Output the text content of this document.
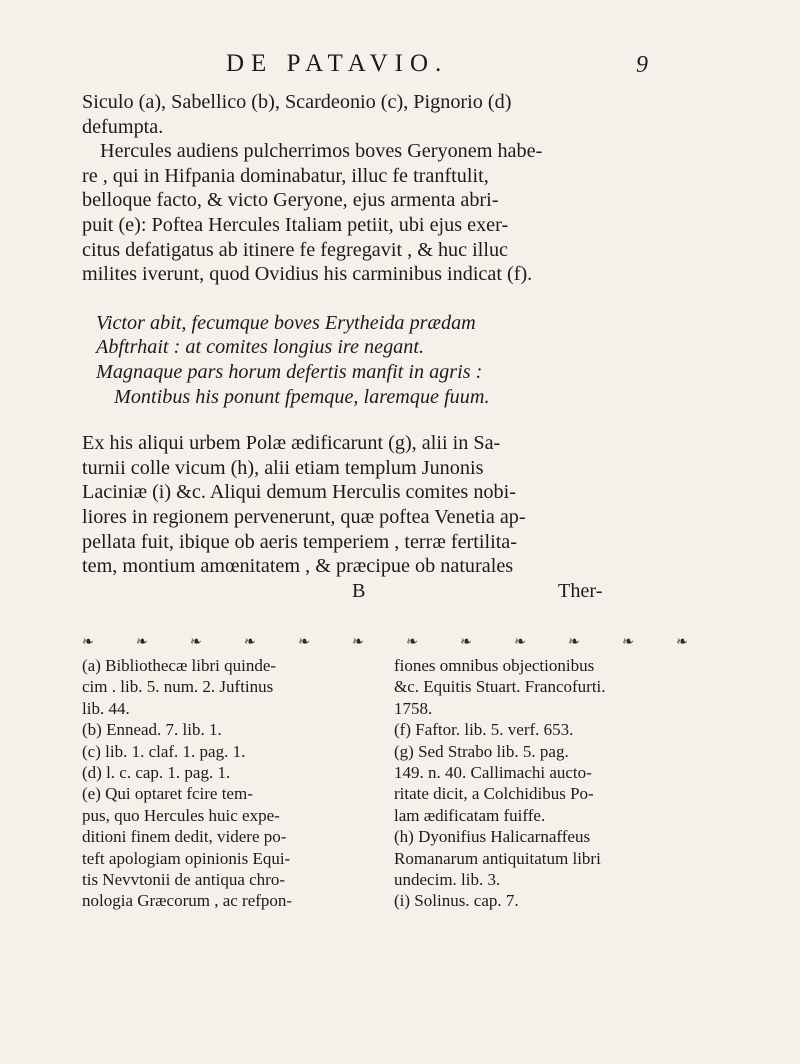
DE PATAVIO.	9
Siculo (a), Sabellico (b), Scardeonio (c), Pignorio (d)
defumpta.
Hercules audiens pulcherrimos boves Geryonem habe-
re , qui in Hifpania dominabatur, illuc fe tranftulit,
belloque facto, & victo Geryone, ejus armenta abri-
puit (e): Poftea Hercules Italiam petiit, ubi ejus exer-
citus defatigatus ab itinere fe fegregavit , & huc illuc
milites iverunt, quod Ovidius his carminibus indicat (f).
Victor abit, fecumque boves Erytheida prædam
Abftrhait : at comites longius ire negant.
Magnaque pars horum defertis manfit in agris :
Montibus his ponunt fpemque, laremque fuum.
Ex his aliqui urbem Polæ ædificarunt (g), alii in Sa-
turnii colle vicum (h), alii etiam templum Junonis
Laciniæ (i) &c. Aliqui demum Herculis comites nobi-
liores in regionem pervenerunt, quæ poftea Venetia ap-
pellata fuit, ibique ob aeris temperiem , terræ fertilita-
tem, montium amœnitatem , & præcipue ob naturales
B	Ther-
❧	❧	❧	❧	❧	❧	❧	❧	❧	❧	❧	❧
(a) Bibliothecæ libri quinde-
cim . lib. 5. num. 2. Juftinus
lib. 44.
(b) Ennead. 7. lib. 1.
(c) lib. 1. claf. 1. pag. 1.
(d) l. c. cap. 1. pag. 1.
(e) Qui optaret fcire tem-
pus, quo Hercules huic expe-
ditioni finem dedit, videre po-
teft apologiam opinionis Equi-
tis Nevvtonii de antiqua chro-
nologia Græcorum , ac refpon-
fiones omnibus objectionibus
&c. Equitis Stuart. Francofurti.
1758.
(f) Faftor. lib. 5. verf. 653.
(g) Sed Strabo lib. 5. pag.
149. n. 40. Callimachi aucto-
ritate dicit, a Colchidibus Po-
lam ædificatam fuiffe.
(h) Dyonifius Halicarnaffeus
Romanarum antiquitatum libri
undecim. lib. 3.
(i) Solinus. cap. 7.
